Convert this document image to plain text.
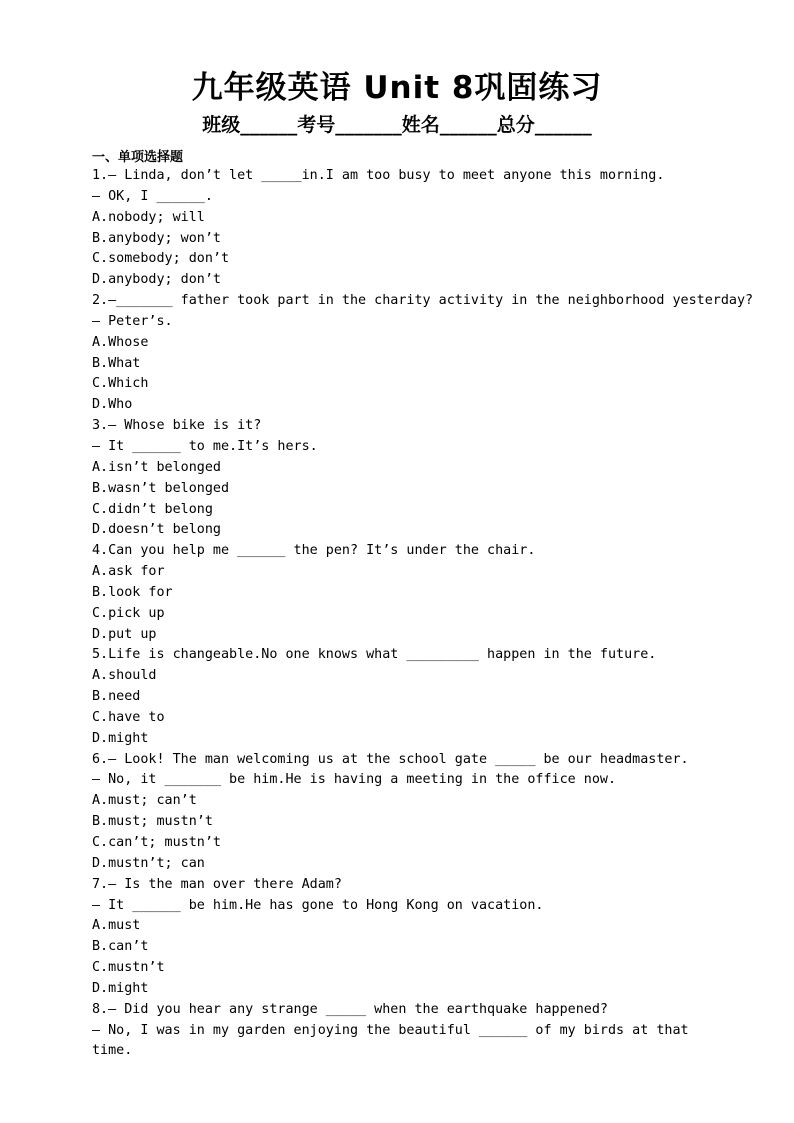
九年级英语 Unit 8巩固练习
班级______考号_______姓名______总分______
一、单项选择题
1.— Linda, don’t let _____in.I am too busy to meet anyone this morning.
— OK, I ______.
A.nobody; will
B.anybody; won’t
C.somebody; don’t
D.anybody; don’t
2.—_______ father took part in the charity activity in the neighborhood yesterday?
— Peter’s.
A.Whose
B.What
C.Which
D.Who
3.— Whose bike is it?
— It ______ to me.It’s hers.
A.isn’t belonged
B.wasn’t belonged
C.didn’t belong
D.doesn’t belong
4.Can you help me ______ the pen? It’s under the chair.
A.ask for
B.look for
C.pick up
D.put up
5.Life is changeable.No one knows what _________ happen in the future.
A.should
B.need
C.have to
D.might
6.— Look! The man welcoming us at the school gate _____ be our headmaster.
— No, it _______ be him.He is having a meeting in the office now.
A.must; can’t
B.must; mustn’t
C.can’t; mustn’t
D.mustn’t; can
7.— Is the man over there Adam?
— It ______ be him.He has gone to Hong Kong on vacation.
A.must
B.can’t
C.mustn’t
D.might
8.— Did you hear any strange _____ when the earthquake happened?
— No, I was in my garden enjoying the beautiful ______ of my birds at that
time.
